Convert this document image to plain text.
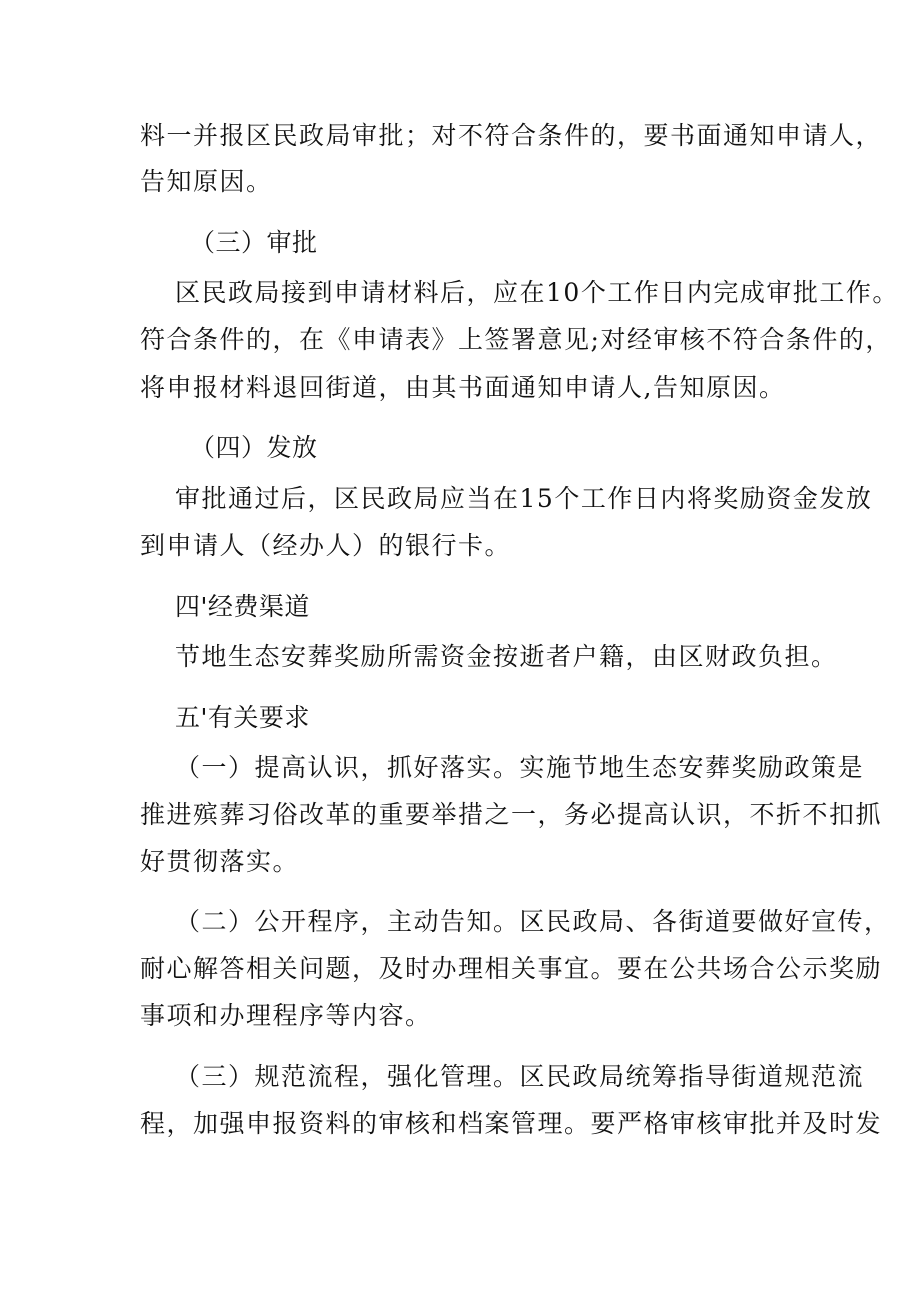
料一并报区民政局审批；对不符合条件的，要书面通知申请人，
告知原因。
（三）审批
区民政局接到申请材料后，应在10个工作日内完成审批工作。
符合条件的，在《申请表》上签署意见;对经审核不符合条件的，
将申报材料退回街道，由其书面通知申请人,告知原因。
（四）发放
审批通过后，区民政局应当在15个工作日内将奖励资金发放
到申请人（经办人）的银行卡。
四'经费渠道
节地生态安葬奖励所需资金按逝者户籍，由区财政负担。
五'有关要求
（一）提高认识，抓好落实。实施节地生态安葬奖励政策是
推进殡葬习俗改革的重要举措之一，务必提高认识，不折不扣抓
好贯彻落实。
（二）公开程序，主动告知。区民政局、各街道要做好宣传，
耐心解答相关问题，及时办理相关事宜。要在公共场合公示奖励
事项和办理程序等内容。
（三）规范流程，强化管理。区民政局统筹指导街道规范流
程，加强申报资料的审核和档案管理。要严格审核审批并及时发
